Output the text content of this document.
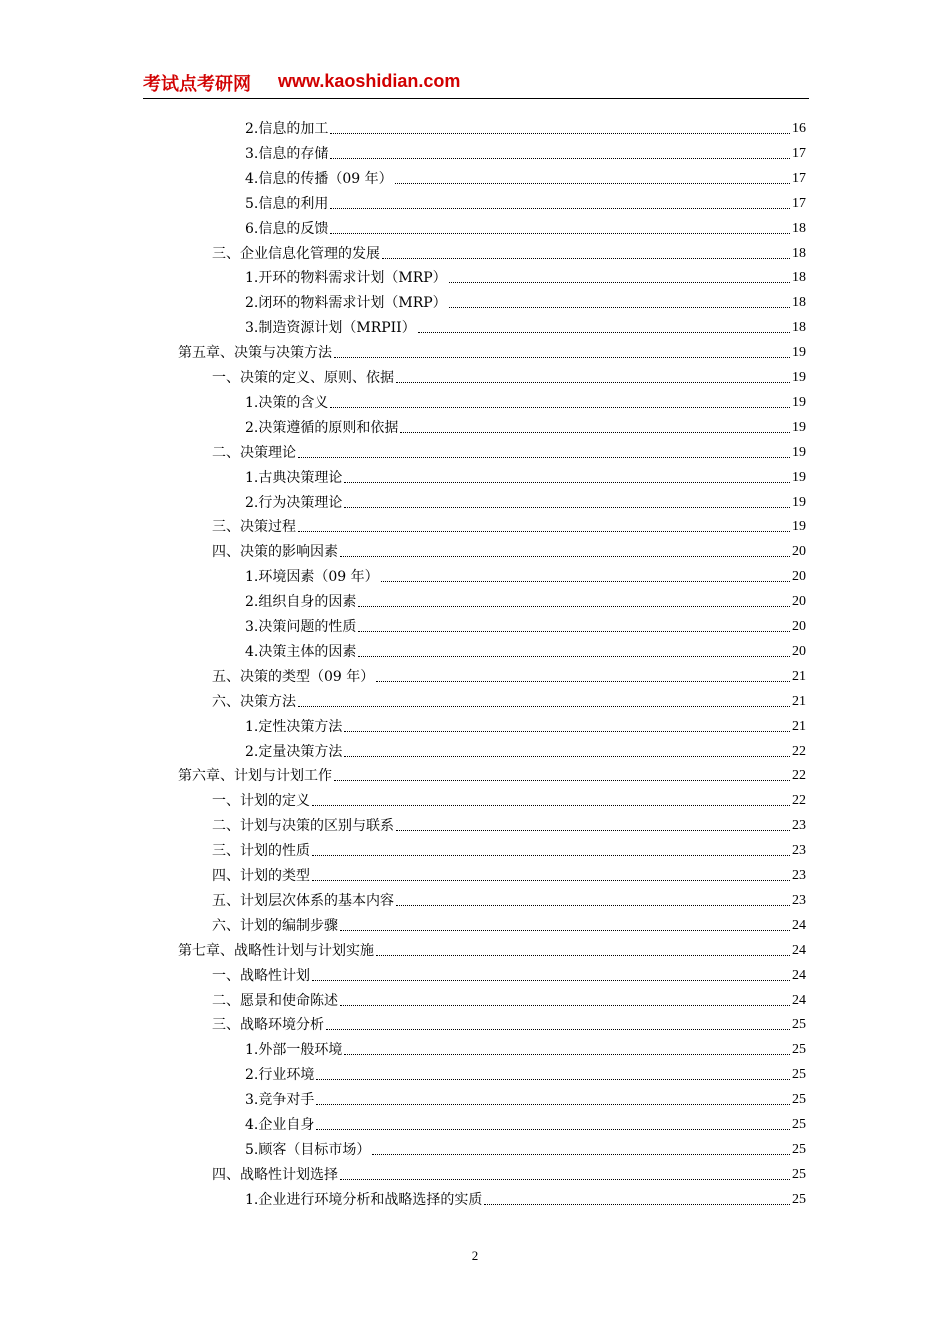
考试点考研网 www.kaoshidian.com
2.信息的加工	16
3.信息的存储	17
4.信息的传播（09 年）	17
5.信息的利用	17
6.信息的反馈	18
三、企业信息化管理的发展	18
1.开环的物料需求计划（MRP）	18
2.闭环的物料需求计划（MRP）	18
3.制造资源计划（MRPII）	18
第五章、决策与决策方法	19
一、决策的定义、原则、依据	19
1.决策的含义	19
2.决策遵循的原则和依据	19
二、决策理论	19
1.古典决策理论	19
2.行为决策理论	19
三、决策过程	19
四、决策的影响因素	20
1.环境因素（09 年）	20
2.组织自身的因素	20
3.决策问题的性质	20
4.决策主体的因素	20
五、决策的类型（09 年）	21
六、决策方法	21
1.定性决策方法	21
2.定量决策方法	22
第六章、计划与计划工作	22
一、计划的定义	22
二、计划与决策的区别与联系	23
三、计划的性质	23
四、计划的类型	23
五、计划层次体系的基本内容	23
六、计划的编制步骤	24
第七章、战略性计划与计划实施	24
一、战略性计划	24
二、愿景和使命陈述	24
三、战略环境分析	25
1.外部一般环境	25
2.行业环境	25
3.竞争对手	25
4.企业自身	25
5.顾客（目标市场）	25
四、战略性计划选择	25
1.企业进行环境分析和战略选择的实质	25
2
